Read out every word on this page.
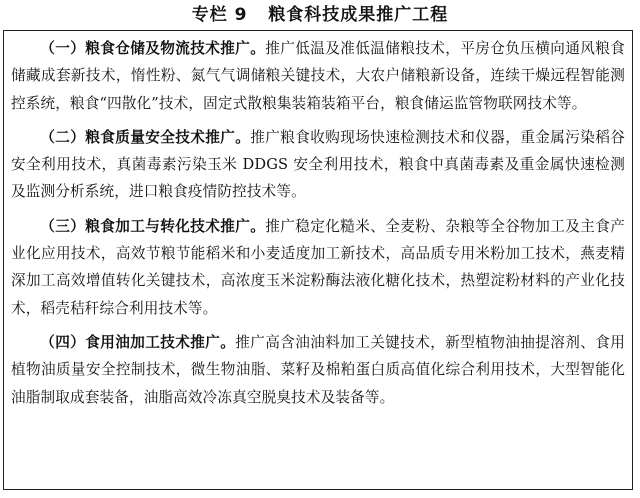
专栏 9   粮食科技成果推广工程

（一）粮食仓储及物流技术推广。推广低温及准低温储粮技术，平房仓负压横向通风粮食储藏成套新技术，惰性粉、氮气气调储粮关键技术，大农户储粮新设备，连续干燥远程智能测控系统，粮食“四散化”技术，固定式散粮集装箱装箱平台，粮食储运监管物联网技术等。

（二）粮食质量安全技术推广。推广粮食收购现场快速检测技术和仪器，重金属污染稻谷安全利用技术，真菌毒素污染玉米 DDGS 安全利用技术，粮食中真菌毒素及重金属快速检测及监测分析系统，进口粮食疫情防控技术等。

（三）粮食加工与转化技术推广。推广稳定化糙米、全麦粉、杂粮等全谷物加工及主食产业化应用技术，高效节粮节能稻米和小麦适度加工新技术，高品质专用米粉加工技术，燕麦精深加工高效增值转化关键技术，高浓度玉米淀粉酶法液化糖化技术，热塑淀粉材料的产业化技术，稻壳秸秆综合利用技术等。

（四）食用油加工技术推广。推广高含油油料加工关键技术，新型植物油抽提溶剂、食用植物油质量安全控制技术，微生物油脂、菜籽及棉粕蛋白质高值化综合利用技术，大型智能化油脂制取成套装备，油脂高效冷冻真空脱臭技术及装备等。
